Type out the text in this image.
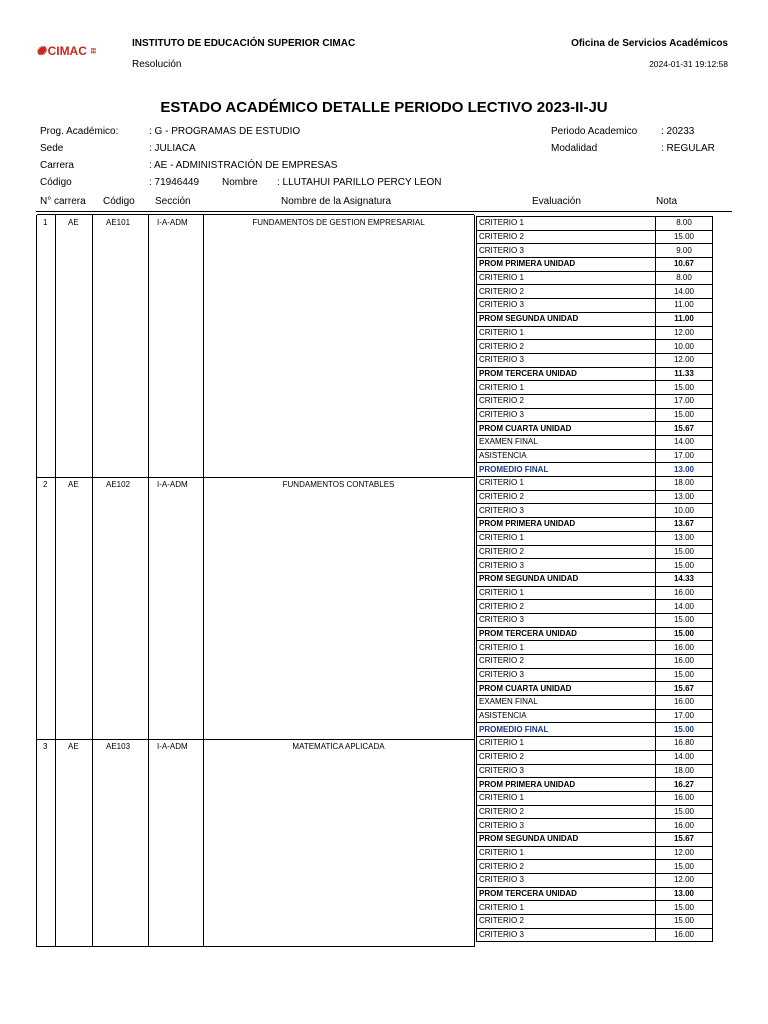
✺ CIMAC ▮▮▮
▮▮▮
INSTITUTO DE EDUCACIÓN SUPERIOR CIMAC
Resolución
Oficina de Servicios Académicos
2024-01-31 19:12:58
ESTADO ACADÉMICO DETALLE PERIODO LECTIVO 2023-II-JU
Prog. Académico:	: G - PROGRAMAS DE ESTUDIO
Sede	: JULIACA
Carrera	: AE - ADMINISTRACIÓN DE EMPRESAS
Código	: 71946449 Nombre : LLUTAHUI PARILLO PERCY LEON
Periodo Academico : 20233
Modalidad	: REGULAR
N° carrera Código Sección	Nombre de la Asignatura	Evaluación	Nota
1	AE	AE101	I-A-ADM	FUNDAMENTOS DE GESTION EMPRESARIAL
2	AE	AE102	I-A-ADM	FUNDAMENTOS CONTABLES
3	AE	AE103	I-A-ADM	MATEMATICA APLICADA
CRITERIO 1	8.00
CRITERIO 2	15.00
CRITERIO 3	9.00
PROM PRIMERA UNIDAD	10.67
CRITERIO 1	8.00
CRITERIO 2	14.00
CRITERIO 3	11.00
PROM SEGUNDA UNIDAD	11.00
CRITERIO 1	12.00
CRITERIO 2	10.00
CRITERIO 3	12.00
PROM TERCERA UNIDAD	11.33
CRITERIO 1	15.00
CRITERIO 2	17.00
CRITERIO 3	15.00
PROM CUARTA UNIDAD	15.67
EXAMEN FINAL	14.00
ASISTENCIA	17.00
PROMEDIO FINAL	13.00
CRITERIO 1	18.00
CRITERIO 2	13.00
CRITERIO 3	10.00
PROM PRIMERA UNIDAD	13.67
CRITERIO 1	13.00
CRITERIO 2	15.00
CRITERIO 3	15.00
PROM SEGUNDA UNIDAD	14.33
CRITERIO 1	16.00
CRITERIO 2	14.00
CRITERIO 3	15.00
PROM TERCERA UNIDAD	15.00
CRITERIO 1	16.00
CRITERIO 2	16.00
CRITERIO 3	15.00
PROM CUARTA UNIDAD	15.67
EXAMEN FINAL	16.00
ASISTENCIA	17.00
PROMEDIO FINAL	15.00
CRITERIO 1	16.80
CRITERIO 2	14.00
CRITERIO 3	18.00
PROM PRIMERA UNIDAD	16.27
CRITERIO 1	16.00
CRITERIO 2	15.00
CRITERIO 3	16.00
PROM SEGUNDA UNIDAD	15.67
CRITERIO 1	12.00
CRITERIO 2	15.00
CRITERIO 3	12.00
PROM TERCERA UNIDAD	13.00
CRITERIO 1	15.00
CRITERIO 2	15.00
CRITERIO 3	16.00
